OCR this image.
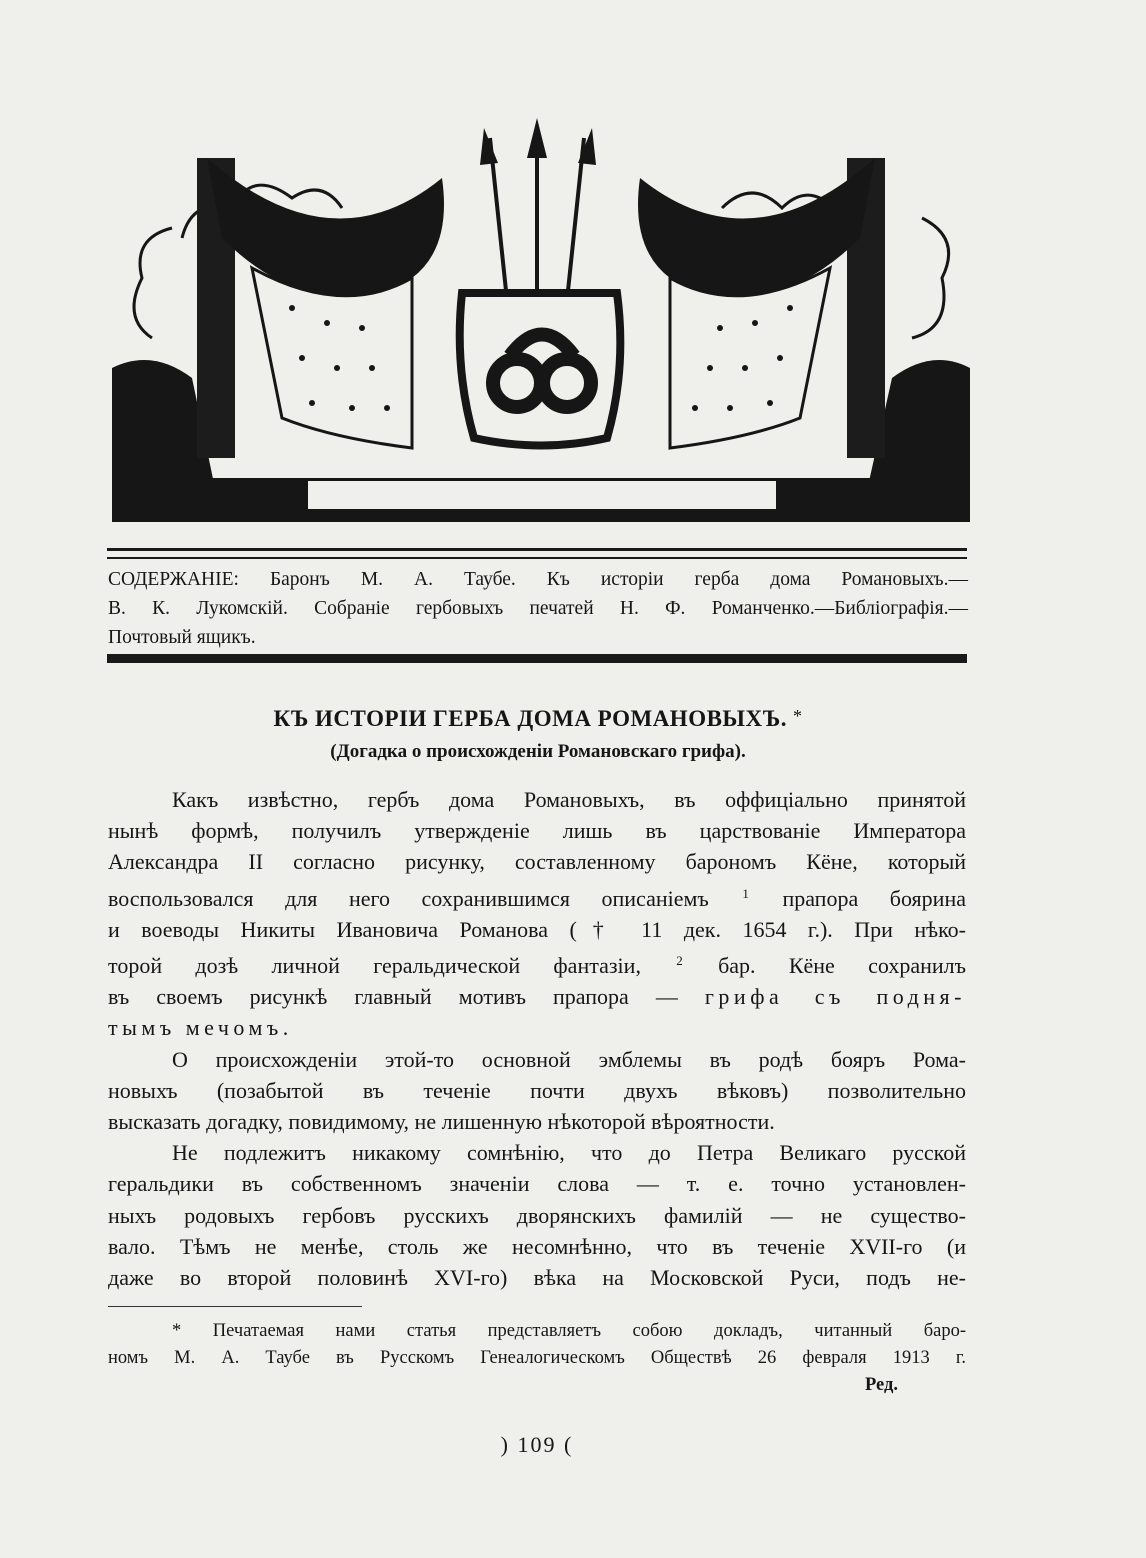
ГН 13
СОДЕРЖАНIЕ: Баронъ М. А. Таубе. Къ исторiи герба дома Романовыхъ.—
В. К. Лукомскiй. Собранiе гербовыхъ печатей Н. Ф. Романченко.—Библiографiя.—
Почтовый ящикъ.
КЪ ИСТОРIИ ГЕРБА ДОМА РОМАНОВЫХЪ. *
(Догадка о происхожденiи Романовскаго грифа).
Какъ извѣстно, гербъ дома Романовыхъ, въ оффицiально принятой
нынѣ формѣ, получилъ утвержденiе лишь въ царствованiе Императора
Александра II согласно рисунку, составленному барономъ Кёне, который
воспользовался для него сохранившимся описанiемъ	$^1$ прапора боярина
и воеводы Никиты Ивановича Романова († 11 дек. 1654 г.). При нѣко-
торой дозѣ личной геральдической фантазiи,	$^2$ бар. Кёне сохранилъ
въ своемъ рисункѣ главный мотивъ прапора — грифа съ подня-
тымъ мечомъ.
О происхожденiи этой-то основной эмблемы въ родѣ бояръ Рома-
новыхъ (позабытой въ теченiе почти двухъ вѣковъ) позволительно
высказать догадку, повидимому, не лишенную нѣкоторой вѣроятности.
Не подлежитъ никакому сомнѣнiю, что до Петра Великаго русской
геральдики въ собственномъ значенiи слова — т. е. точно установлен-
ныхъ родовыхъ гербовъ русскихъ дворянскихъ фамилiй — не существо-
вало. Тѣмъ не менѣе, столь же несомнѣнно, что въ теченiе XVII-го (и
даже во второй половинѣ XVI-го) вѣка на Московской Руси, подъ не-
* Печатаемая нами статья представляетъ собою докладъ, читанный баро-
номъ М. А. Таубе въ Русскомъ Генеалогическомъ Обществѣ 26 февраля 1913 г.
Ред.
) 109 (
